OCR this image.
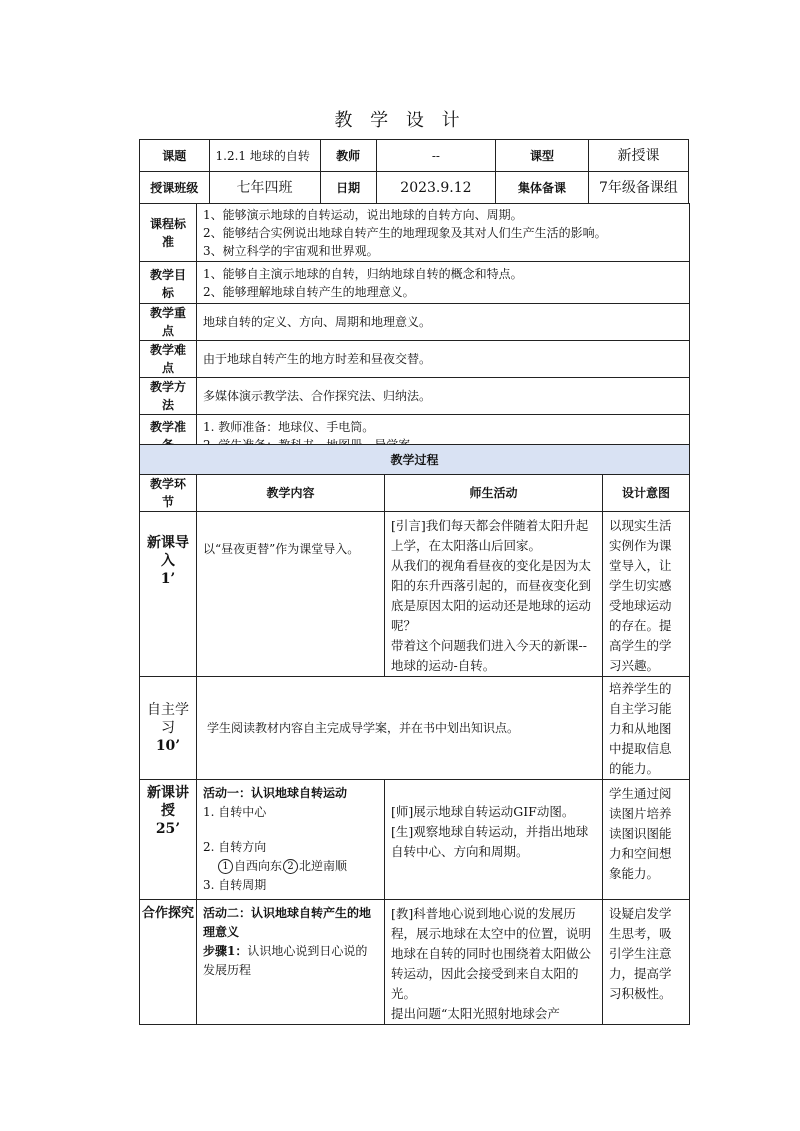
教 学 设 计
课题	1.2.1 地球的自转	教师	--	课型	新授课
授课班级	七年四班	日期	2023.9.12	集体备课	7年级备课组
课程标准	1、能够演示地球的自转运动，说出地球的自转方向、周期。
2、能够结合实例说出地球自转产生的地理现象及其对人们生产生活的影响。
3、树立科学的宇宙观和世界观。

教学目标	1、能够自主演示地球的自转，归纳地球自转的概念和特点。
2、能够理解地球自转产生的地理意义。

教学重点	地球自转的定义、方向、周期和地理意义。
教学难点	由于地球自转产生的地方时差和昼夜交替。
教学方法	多媒体演示教学法、合作探究法、归纳法。
教学准	1. 教师准备：地球仪、手电筒。
教学过程			
教学环节	教学内容	师生活动	设计意图

新课导入
1’	以“昼夜更替”作为课堂导入。	[引言]我们每天都会伴随着太阳升起上学，在太阳落山后回家。
从我们的视角看昼夜的变化是因为太阳的东升西落引起的，而昼夜变化到底是原因太阳的运动还是地球的运动呢？
带着这个问题我们进入今天的新课--地球的运动-自转。	以现实生活实例作为课堂导入，让学生切实感受地球运动的存在。提高学生的学习兴趣。

自主学习
10’	学生阅读教材内容自主完成导学案，并在书中划出知识点。		培养学生的自主学习能力和从地图中提取信息的能力。

新课讲授
25’	活动一：认识地球自转运动
1. 自转中心
2. 自转方向
1 自西向东 2 北逆南顺
3. 自转周期	[师]展示地球自转运动GIF动图。
[生]观察地球自转运动，并指出地球自转中心、方向和周期。	学生通过阅读图片培养读图识图能力和空间想象能力。
合作探究	活动二：认识地球自转产生的地理意义
步骤1：认识地心说到日心说的发展历程	[教]科普地心说到地心说的发展历程，展示地球在太空中的位置，说明地球在自转的同时也围绕着太阳做公转运动，因此会接受到来自太阳的光。
提出问题“太阳光照射地球会产	设疑启发学生思考，吸引学生注意力，提高学习积极性。
